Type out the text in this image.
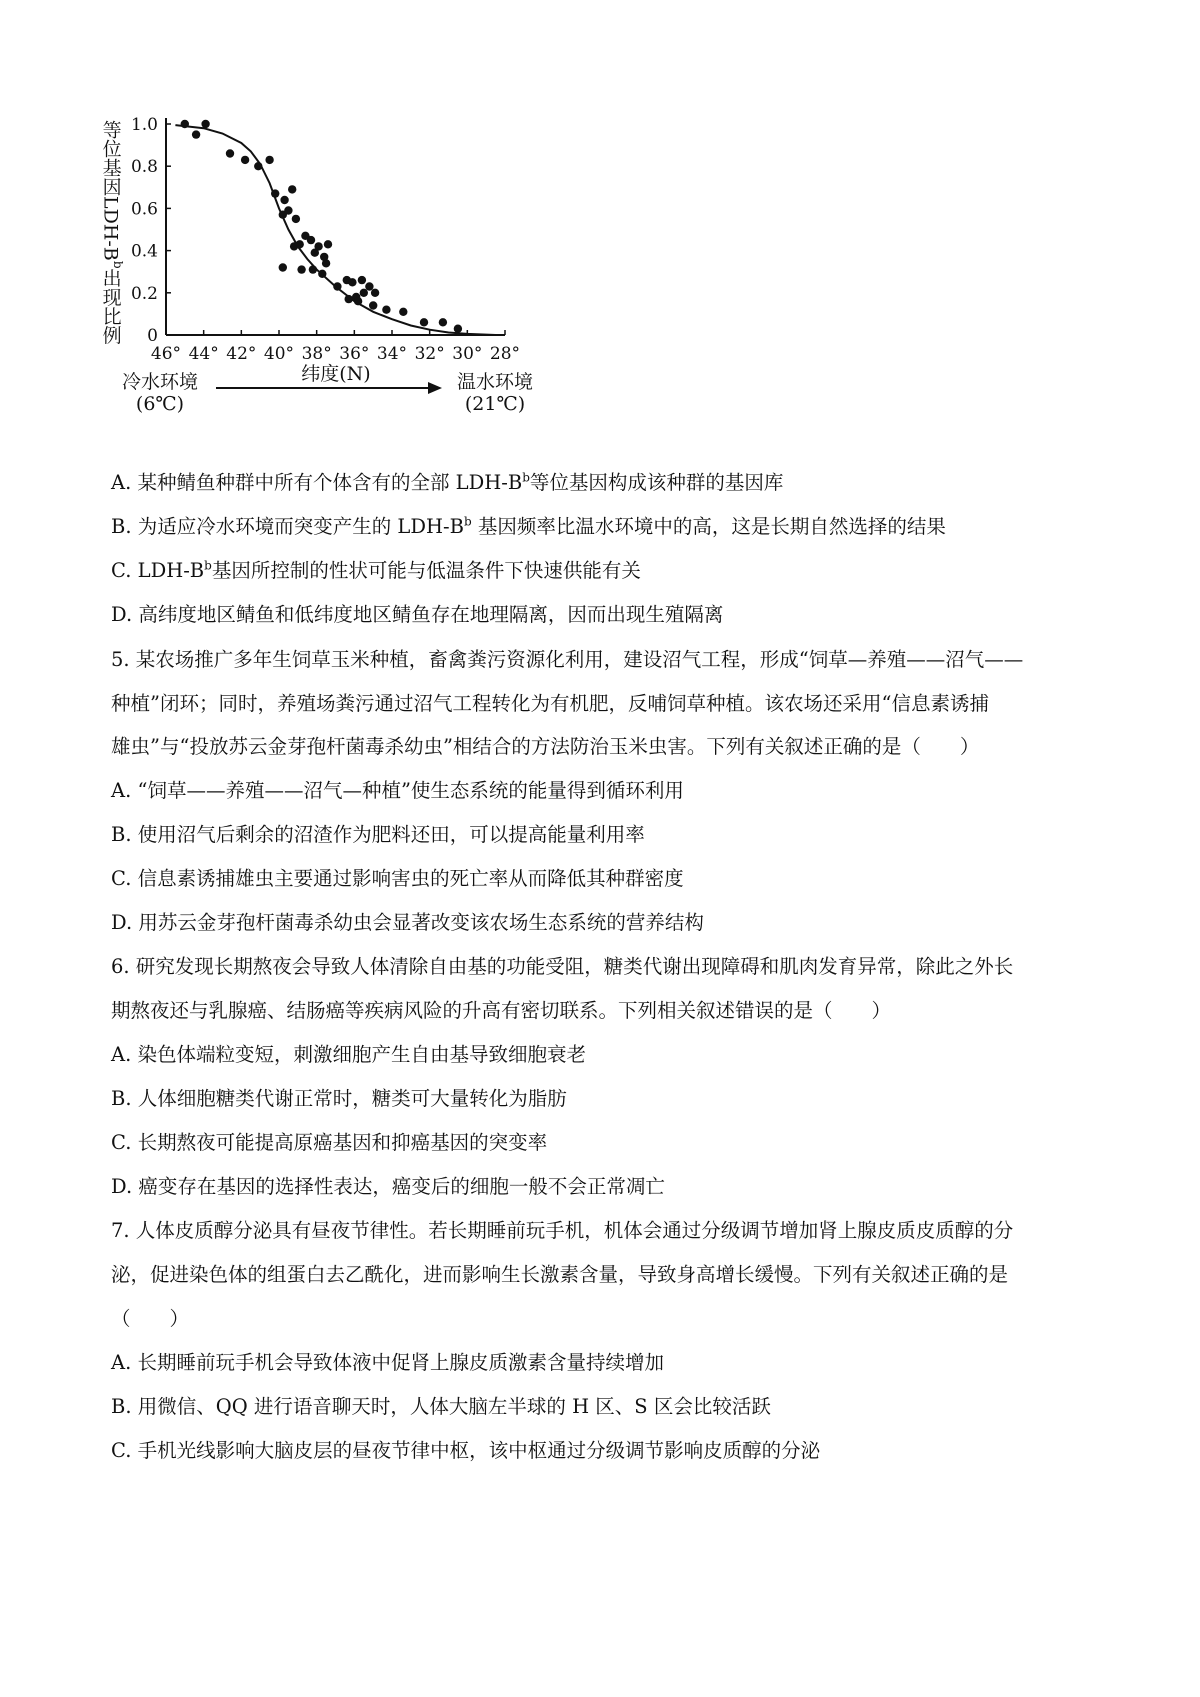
等位基因LDH-$B^b$出现比例	0
0.2
0.4
0.6
0.8
1.0
46° 44° 42° 40° 38° 36° 34° 32° 30° 28°
冷水环境
(6℃)
纬度(N)	温水环境
(21℃)

A. 某种鲭鱼种群中所有个体含有的全部 LDH-$B^b$等位基因构成该种群的基因库

B. 为适应冷水环境而突变产生的 LDH-$B^b$ 基因频率比温水环境中的高，这是长期自然选择的结果

C. LDH-$B^b$基因所控制的性状可能与低温条件下快速供能有关

D. 高纬度地区鲭鱼和低纬度地区鲭鱼存在地理隔离，因而出现生殖隔离

5. 某农场推广多年生饲草玉米种植，畜禽粪污资源化利用，建设沼气工程，形成“饲草—养殖——沼气——

种植”闭环；同时，养殖场粪污通过沼气工程转化为有机肥，反哺饲草种植。该农场还采用“信息素诱捕

雄虫”与“投放苏云金芽孢杆菌毒杀幼虫”相结合的方法防治玉米虫害。下列有关叙述正确的是（　　）

A. “饲草——养殖——沼气—种植”使生态系统的能量得到循环利用

B. 使用沼气后剩余的沼渣作为肥料还田，可以提高能量利用率

C. 信息素诱捕雄虫主要通过影响害虫的死亡率从而降低其种群密度

D. 用苏云金芽孢杆菌毒杀幼虫会显著改变该农场生态系统的营养结构

6. 研究发现长期熬夜会导致人体清除自由基的功能受阻，糖类代谢出现障碍和肌肉发育异常，除此之外长

期熬夜还与乳腺癌、结肠癌等疾病风险的升高有密切联系。下列相关叙述错误的是（　　）

A. 染色体端粒变短，刺激细胞产生自由基导致细胞衰老

B. 人体细胞糖类代谢正常时，糖类可大量转化为脂肪

C. 长期熬夜可能提高原癌基因和抑癌基因的突变率

D. 癌变存在基因的选择性表达，癌变后的细胞一般不会正常凋亡

7. 人体皮质醇分泌具有昼夜节律性。若长期睡前玩手机，机体会通过分级调节增加肾上腺皮质皮质醇的分

泌，促进染色体的组蛋白去乙酰化，进而影响生长激素含量，导致身高增长缓慢。下列有关叙述正确的是

（　　）

A. 长期睡前玩手机会导致体液中促肾上腺皮质激素含量持续增加

B. 用微信、QQ 进行语音聊天时，人体大脑左半球的 H 区、S 区会比较活跃

C. 手机光线影响大脑皮层的昼夜节律中枢，该中枢通过分级调节影响皮质醇的分泌
